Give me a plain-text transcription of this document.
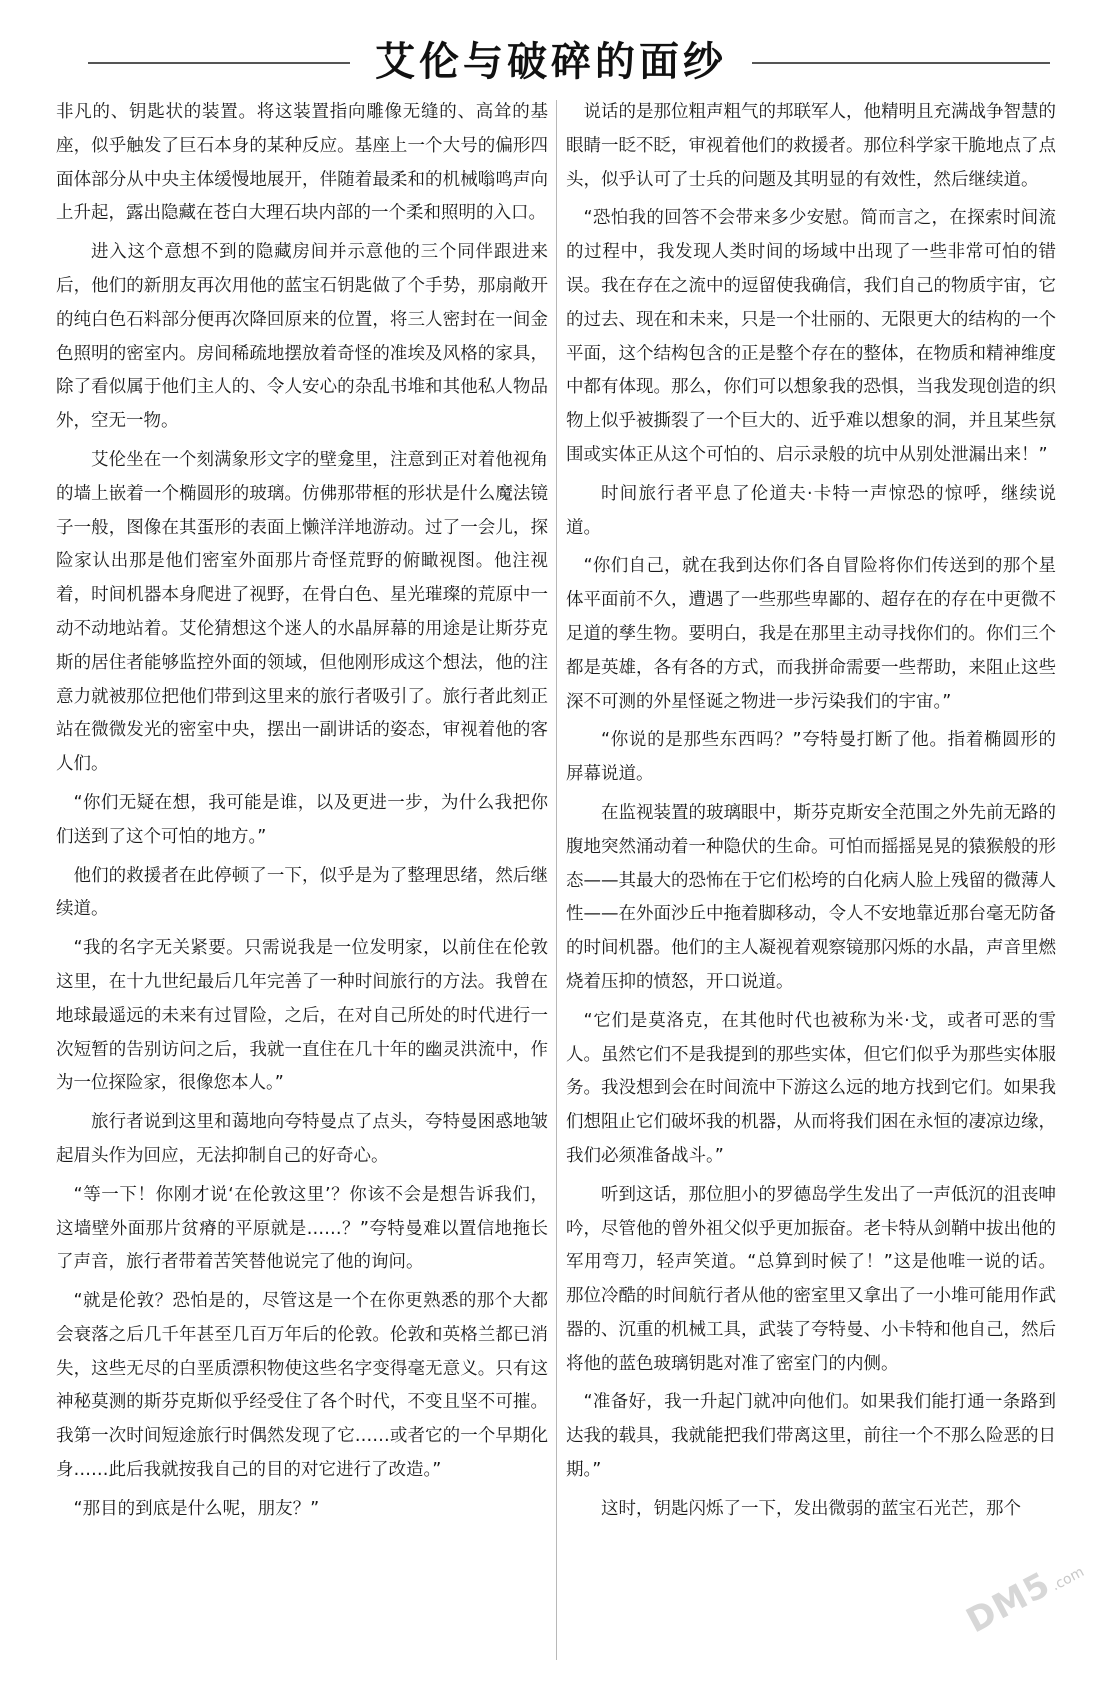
艾伦与破碎的面纱

非凡的、钥匙状的装置。将这装置指向雕像无缝的、高耸的基座，似乎触发了巨石本身的某种反应。基座上一个大号的偏形四面体部分从中央主体缓慢地展开，伴随着最柔和的机械嗡鸣声向上升起，露出隐藏在苍白大理石块内部的一个柔和照明的入口。

进入这个意想不到的隐藏房间并示意他的三个同伴跟进来后，他们的新朋友再次用他的蓝宝石钥匙做了个手势，那扇敞开的纯白色石料部分便再次降回原来的位置，将三人密封在一间金色照明的密室内。房间稀疏地摆放着奇怪的准埃及风格的家具，除了看似属于他们主人的、令人安心的杂乱书堆和其他私人物品外，空无一物。

艾伦坐在一个刻满象形文字的壁龛里，注意到正对着他视角的墙上嵌着一个椭圆形的玻璃。仿佛那带框的形状是什么魔法镜子一般，图像在其蛋形的表面上懒洋洋地游动。过了一会儿，探险家认出那是他们密室外面那片奇怪荒野的俯瞰视图。他注视着，时间机器本身爬进了视野，在骨白色、星光璀璨的荒原中一动不动地站着。艾伦猜想这个迷人的水晶屏幕的用途是让斯芬克斯的居住者能够监控外面的领域，但他刚形成这个想法，他的注意力就被那位把他们带到这里来的旅行者吸引了。旅行者此刻正站在微微发光的密室中央，摆出一副讲话的姿态，审视着他的客人们。

“你们无疑在想，我可能是谁，以及更进一步，为什么我把你们送到了这个可怕的地方。”

他们的救援者在此停顿了一下，似乎是为了整理思绪，然后继续道。

“我的名字无关紧要。只需说我是一位发明家，以前住在伦敦这里，在十九世纪最后几年完善了一种时间旅行的方法。我曾在地球最遥远的未来有过冒险，之后，在对自己所处的时代进行一次短暂的告别访问之后，我就一直住在几十年的幽灵洪流中，作为一位探险家，很像您本人。”

旅行者说到这里和蔼地向夸特曼点了点头，夸特曼困惑地皱起眉头作为回应，无法抑制自己的好奇心。

“等一下！你刚才说‘在伦敦这里’？你该不会是想告诉我们，这墙壁外面那片贫瘠的平原就是……？”夸特曼难以置信地拖长了声音，旅行者带着苦笑替他说完了他的询问。

“就是伦敦？恐怕是的，尽管这是一个在你更熟悉的那个大都会衰落之后几千年甚至几百万年后的伦敦。伦敦和英格兰都已消失，这些无尽的白垩质漂积物使这些名字变得毫无意义。只有这神秘莫测的斯芬克斯似乎经受住了各个时代，不变且坚不可摧。我第一次时间短途旅行时偶然发现了它……或者它的一个早期化身……此后我就按我自己的目的对它进行了改造。”

“那目的到底是什么呢，朋友？”

说话的是那位粗声粗气的邦联军人，他精明且充满战争智慧的眼睛一眨不眨，审视着他们的救援者。那位科学家干脆地点了点头，似乎认可了士兵的问题及其明显的有效性，然后继续道。

“恐怕我的回答不会带来多少安慰。简而言之，在探索时间流的过程中，我发现人类时间的场域中出现了一些非常可怕的错误。我在存在之流中的逗留使我确信，我们自己的物质宇宙，它的过去、现在和未来，只是一个壮丽的、无限更大的结构的一个平面，这个结构包含的正是整个存在的整体，在物质和精神维度中都有体现。那么，你们可以想象我的恐惧，当我发现创造的织物上似乎被撕裂了一个巨大的、近乎难以想象的洞，并且某些氛围或实体正从这个可怕的、启示录般的坑中从别处泄漏出来！”

时间旅行者平息了伦道夫·卡特一声惊恐的惊呼，继续说道。

“你们自己，就在我到达你们各自冒险将你们传送到的那个星体平面前不久，遭遇了一些那些卑鄙的、超存在的存在中更微不足道的孳生物。要明白，我是在那里主动寻找你们的。你们三个都是英雄，各有各的方式，而我拼命需要一些帮助，来阻止这些深不可测的外星怪诞之物进一步污染我们的宇宙。”

“你说的是那些东西吗？”夸特曼打断了他。指着椭圆形的屏幕说道。

在监视装置的玻璃眼中，斯芬克斯安全范围之外先前无路的腹地突然涌动着一种隐伏的生命。可怕而摇摇晃晃的猿猴般的形态——其最大的恐怖在于它们松垮的白化病人脸上残留的微薄人性——在外面沙丘中拖着脚移动，令人不安地靠近那台毫无防备的时间机器。他们的主人凝视着观察镜那闪烁的水晶，声音里燃烧着压抑的愤怒，开口说道。

“它们是莫洛克，在其他时代也被称为米·戈，或者可恶的雪人。虽然它们不是我提到的那些实体，但它们似乎为那些实体服务。我没想到会在时间流中下游这么远的地方找到它们。如果我们想阻止它们破坏我的机器，从而将我们困在永恒的凄凉边缘，我们必须准备战斗。”

听到这话，那位胆小的罗德岛学生发出了一声低沉的沮丧呻吟，尽管他的曾外祖父似乎更加振奋。老卡特从剑鞘中拔出他的军用弯刀，轻声笑道。“总算到时候了！”这是他唯一说的话。那位冷酷的时间航行者从他的密室里又拿出了一小堆可能用作武器的、沉重的机械工具，武装了夸特曼、小卡特和他自己，然后将他的蓝色玻璃钥匙对准了密室门的内侧。

“准备好，我一升起门就冲向他们。如果我们能打通一条路到达我的载具，我就能把我们带离这里，前往一个不那么险恶的日期。”

这时，钥匙闪烁了一下，发出微弱的蓝宝石光芒，那个

DM5.com
